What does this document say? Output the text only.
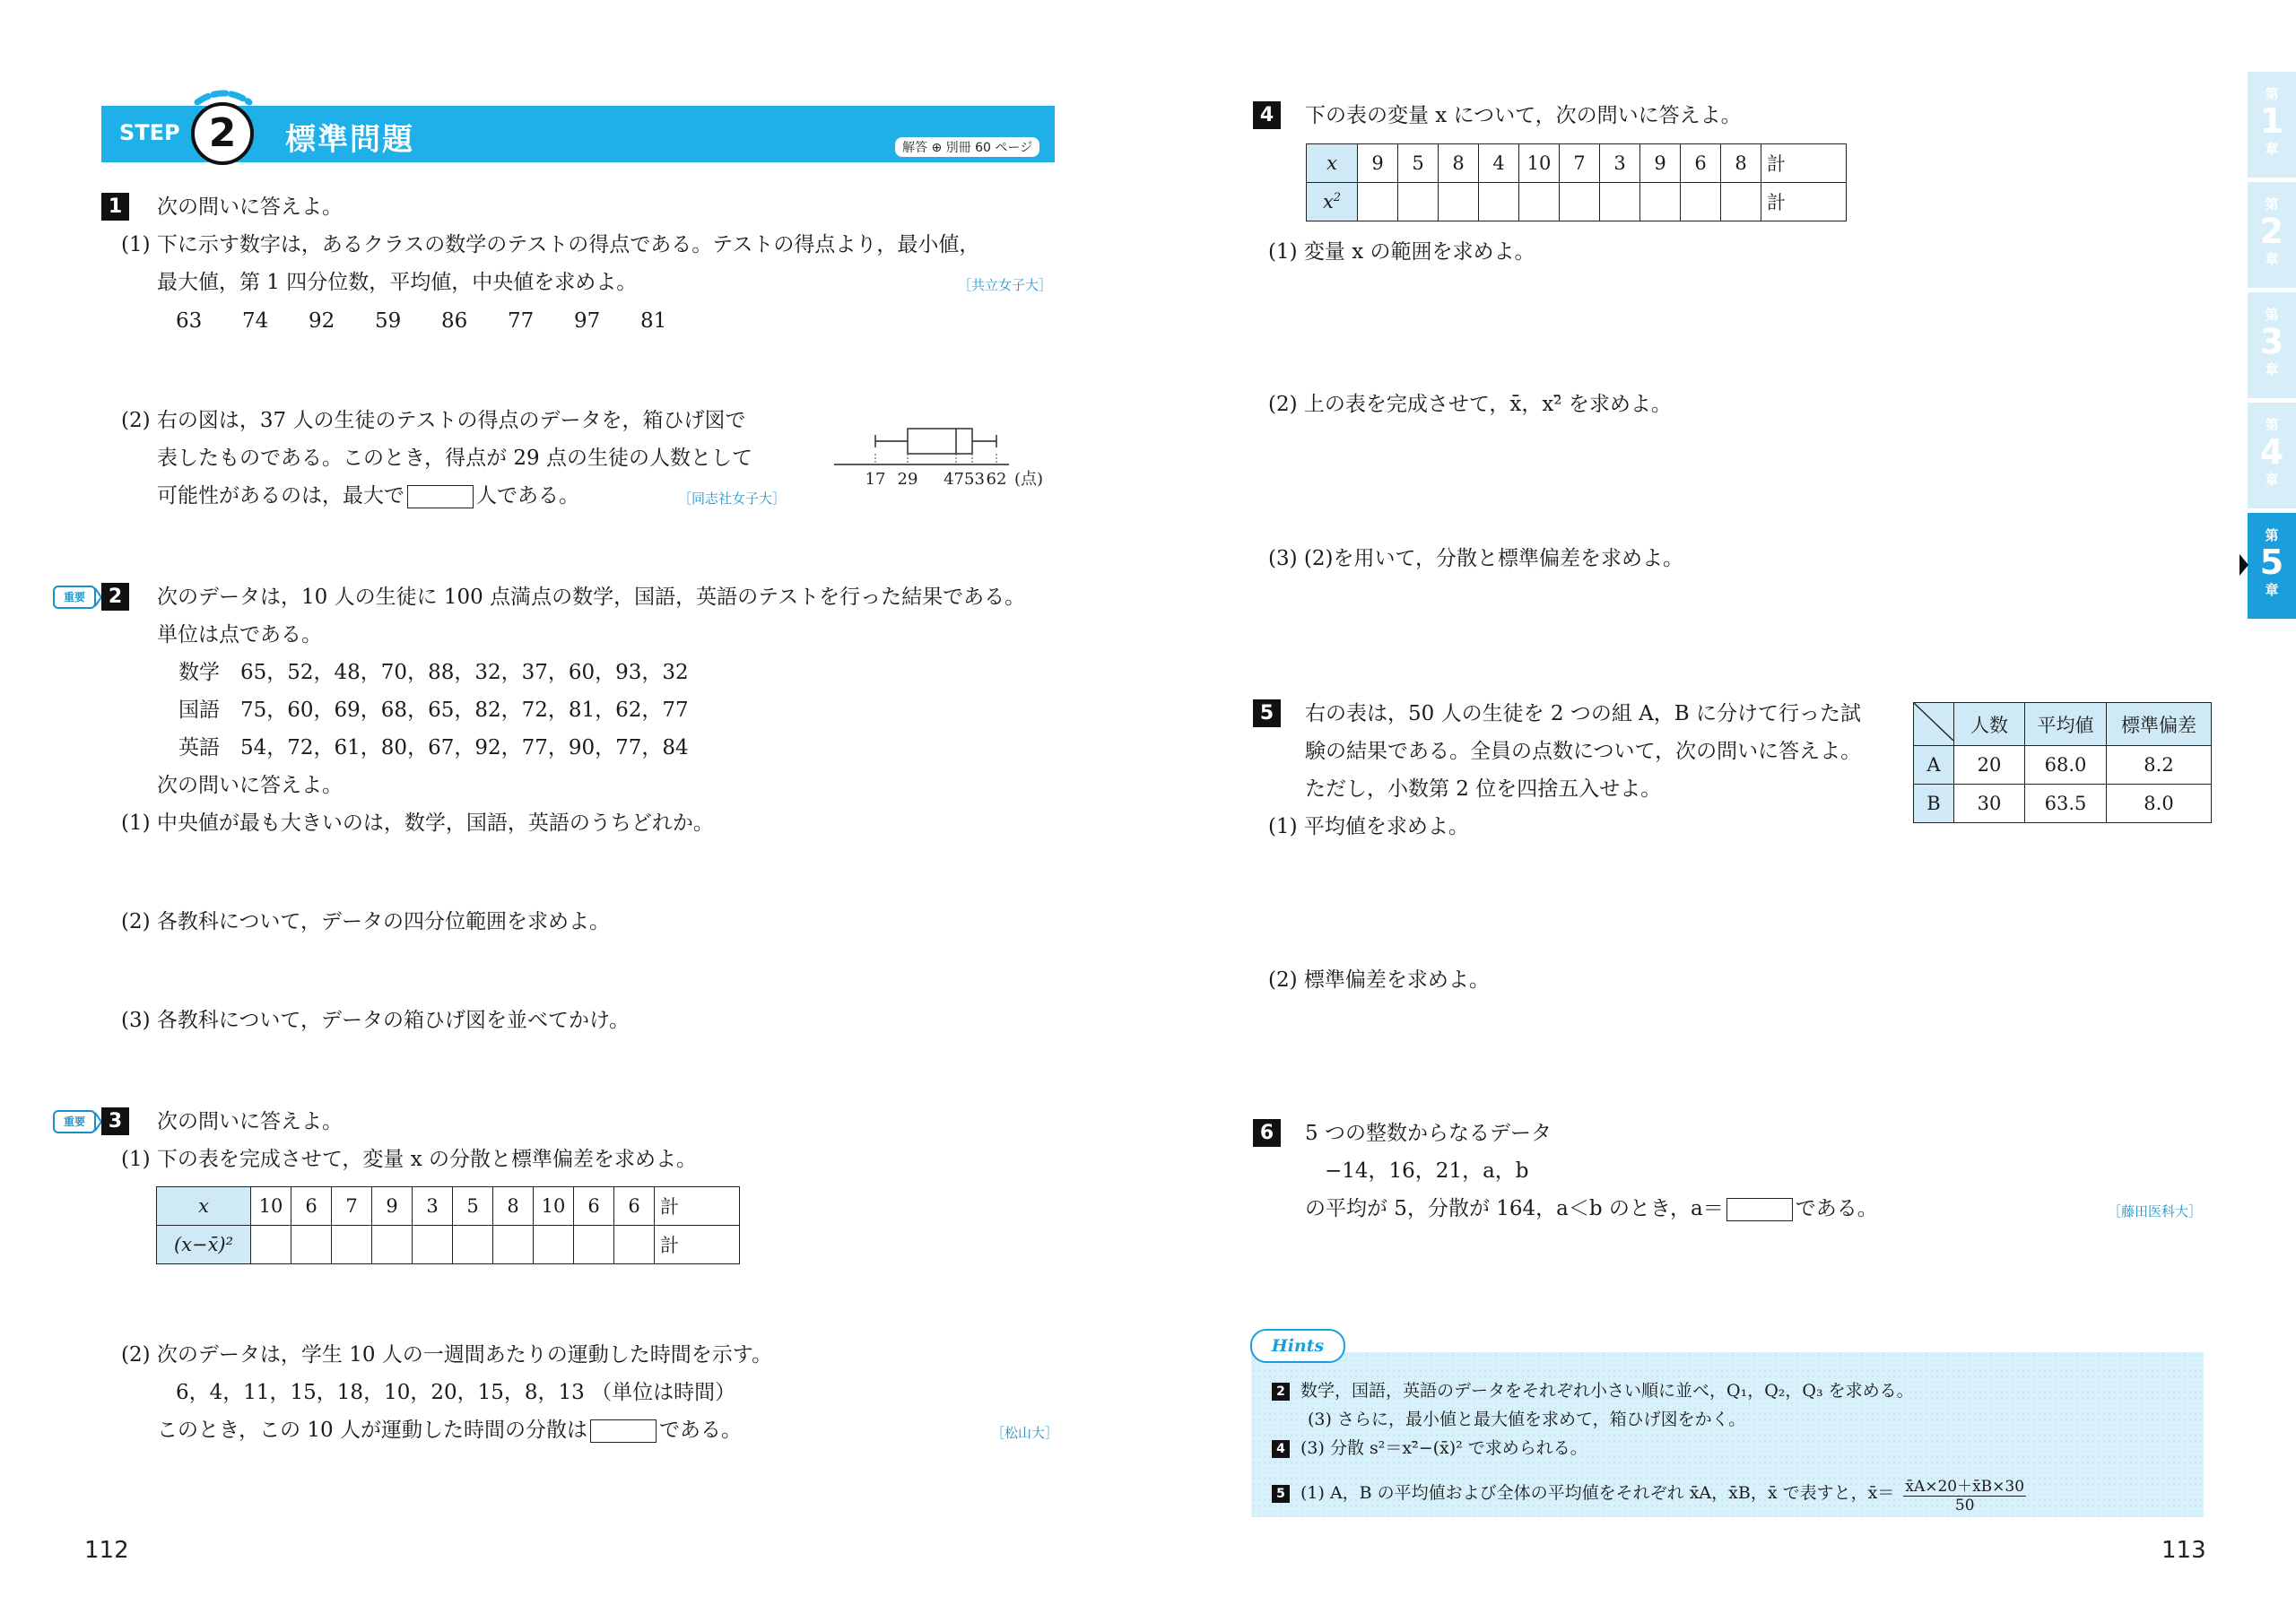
STEP 2	標準問題	解答 ⊕ 別冊 60 ページ
1	次の問いに答えよ。
(1) 下に示す数字は，あるクラスの数学のテストの得点である。テストの得点より，最小値，
最大値，第 1 四分位数，平均値，中央値を求めよ。	［共立女子大］
63 74 92 59 86 77 97 81
(2) 右の図は，37 人の生徒のテストの得点のデータを，箱ひげ図で
表したものである。このとき，得点が 29 点の生徒の人数として
可能性があるのは，最大で	人である。	［同志社女子大］
17 29 4753 62 (点)
重要	2	次のデータは，10 人の生徒に 100 点満点の数学，国語，英語のテストを行った結果である。
単位は点である。
数学　 65，52，48，70，88，32，37，60，93，32
国語　 75，60，69，68，65，82，72，81，62，77
英語　 54，72，61，80，67，92，77，90，77，84
次の問いに答えよ。
(1) 中央値が最も大きいのは，数学，国語，英語のうちどれか。
(2) 各教科について，データの四分位範囲を求めよ。
(3) 各教科について，データの箱ひげ図を並べてかけ。
重要	3	次の問いに答えよ。
(1) 下の表を完成させて，変量 x の分散と標準偏差を求めよ。
x	10	6	7	9	3	5	8	10	6	6	計
(x−x̄)²											計
(2) 次のデータは，学生 10 人の一週間あたりの運動した時間を示す。
6，4，11，15，18，10，20，15，8，13 （単位は時間）
このとき，この 10 人が運動した時間の分散は	である。	［松山大］
112
4	下の表の変量 x について，次の問いに答えよ。
x	9	5	8	4	10	7	3	9	6	8	計
$x^2$											計
(1) 変量 x の範囲を求めよ。
(2) 上の表を完成させて，x̄，x²̄ を求めよ。
(3) (2)を用いて，分散と標準偏差を求めよ。
5	右の表は，50 人の生徒を 2 つの組 A，B に分けて行った試
験の結果である。全員の点数について，次の問いに答えよ。
ただし，小数第 2 位を四捨五入せよ。
	人数	平均値	標準偏差
A	20	68.0	8.2
B	30	63.5	8.0
(1) 平均値を求めよ。
(2) 標準偏差を求めよ。
6	5 つの整数からなるデータ
−14，16，21，a，b
の平均が 5，分散が 164，a＜b のとき，a＝	である。	［藤田医科大］
Hints
2 数学，国語，英語のデータをそれぞれ小さい順に並べ，Q₁，Q₂，Q₃ を求める。
(3) さらに，最小値と最大値を求めて，箱ひげ図をかく。
4 (3) 分散 s²＝x²̄−(x̄)² で求められる。
5 (1) A，B の平均値および全体の平均値をそれぞれ x̄A，x̄B，x̄ で表すと，x̄＝ $\frac{x̄A\times 20+x̄B\times 30}{50}$
113
第
1
章
第
2
章
第
3
章
第
4
章
第
5
章
